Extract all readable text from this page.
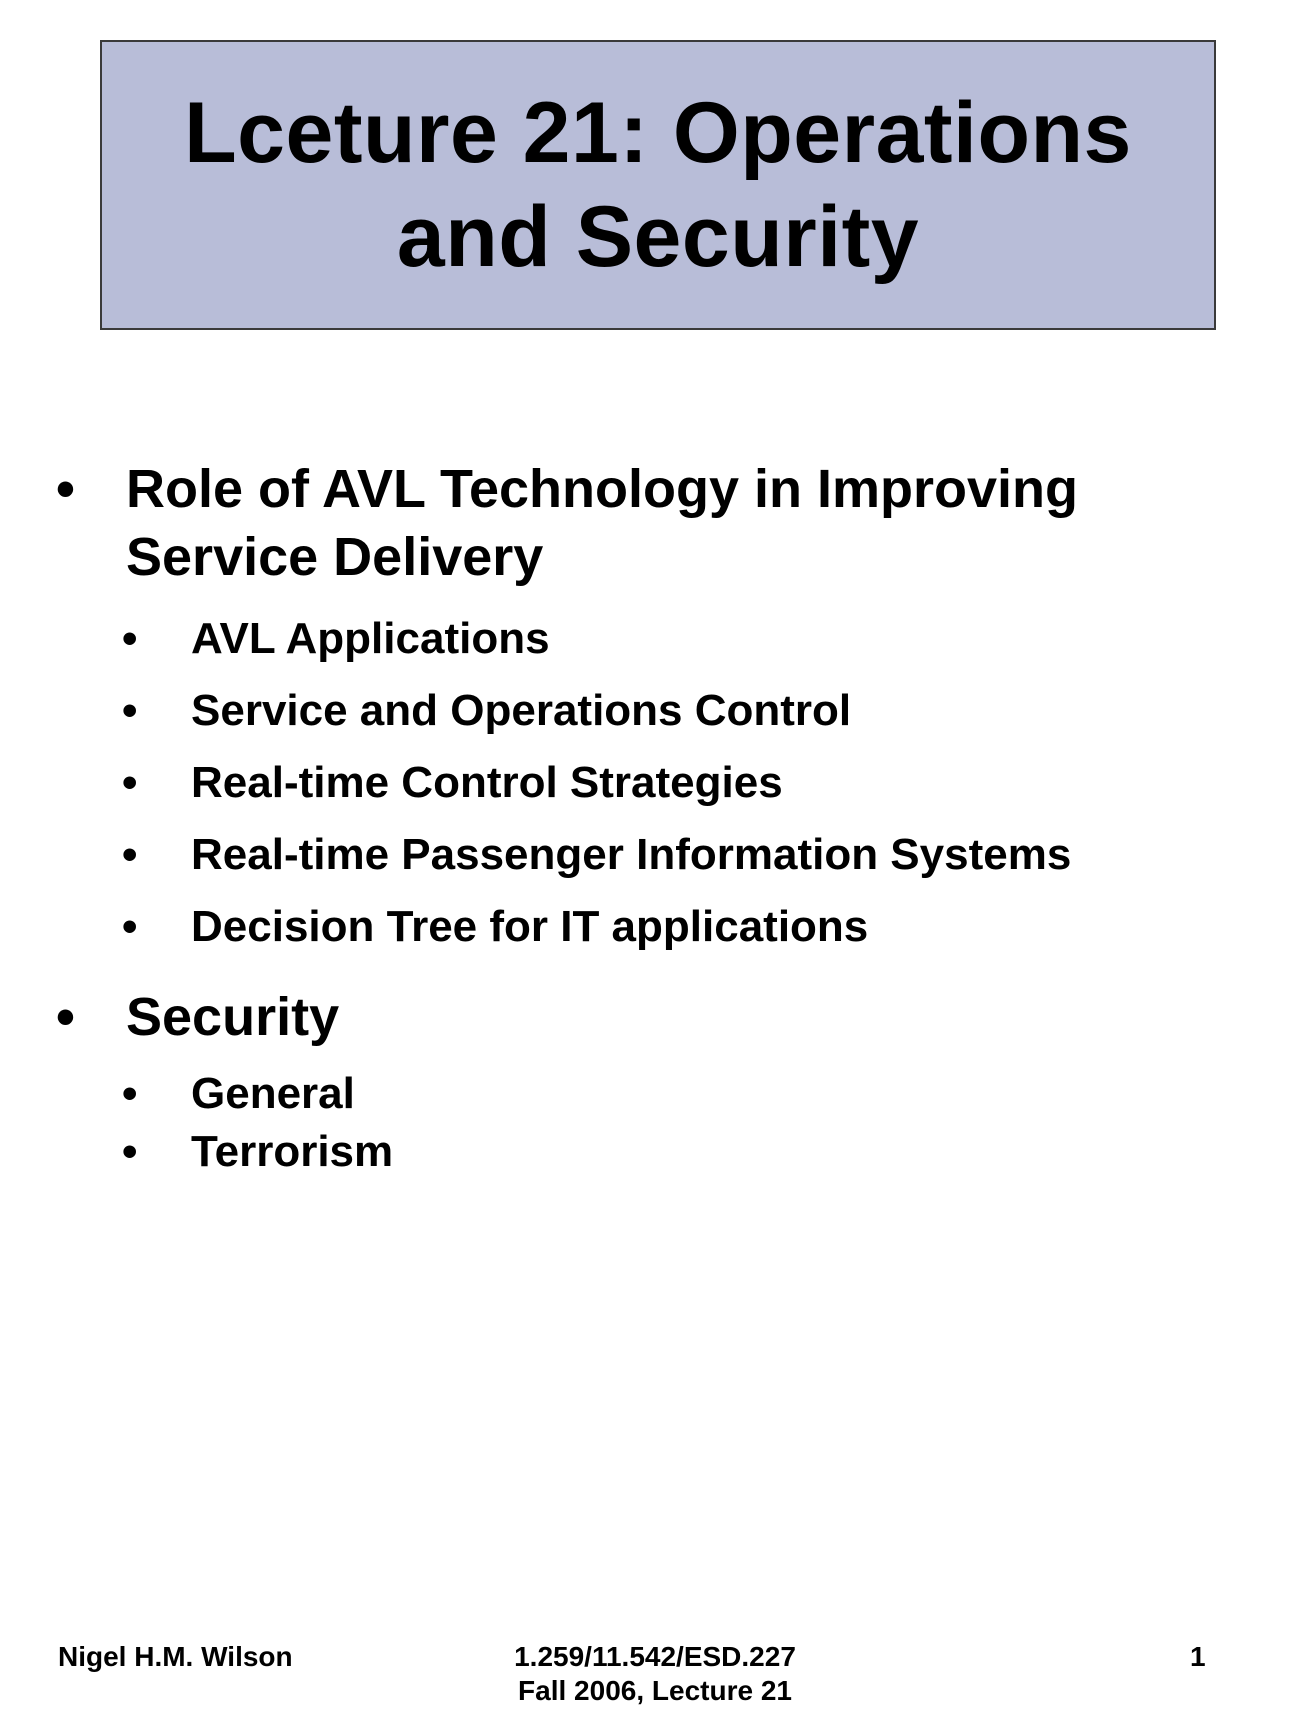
Lceture 21: Operations
and Security
• Role of AVL Technology in Improving Service Delivery
• AVL Applications
• Service and Operations Control
• Real-time Control Strategies
• Real-time Passenger Information Systems
• Decision Tree for IT applications
• Security
• General
• Terrorism
Nigel H.M. Wilson	1.259/11.542/ESD.227
Fall 2006, Lecture 21
1
